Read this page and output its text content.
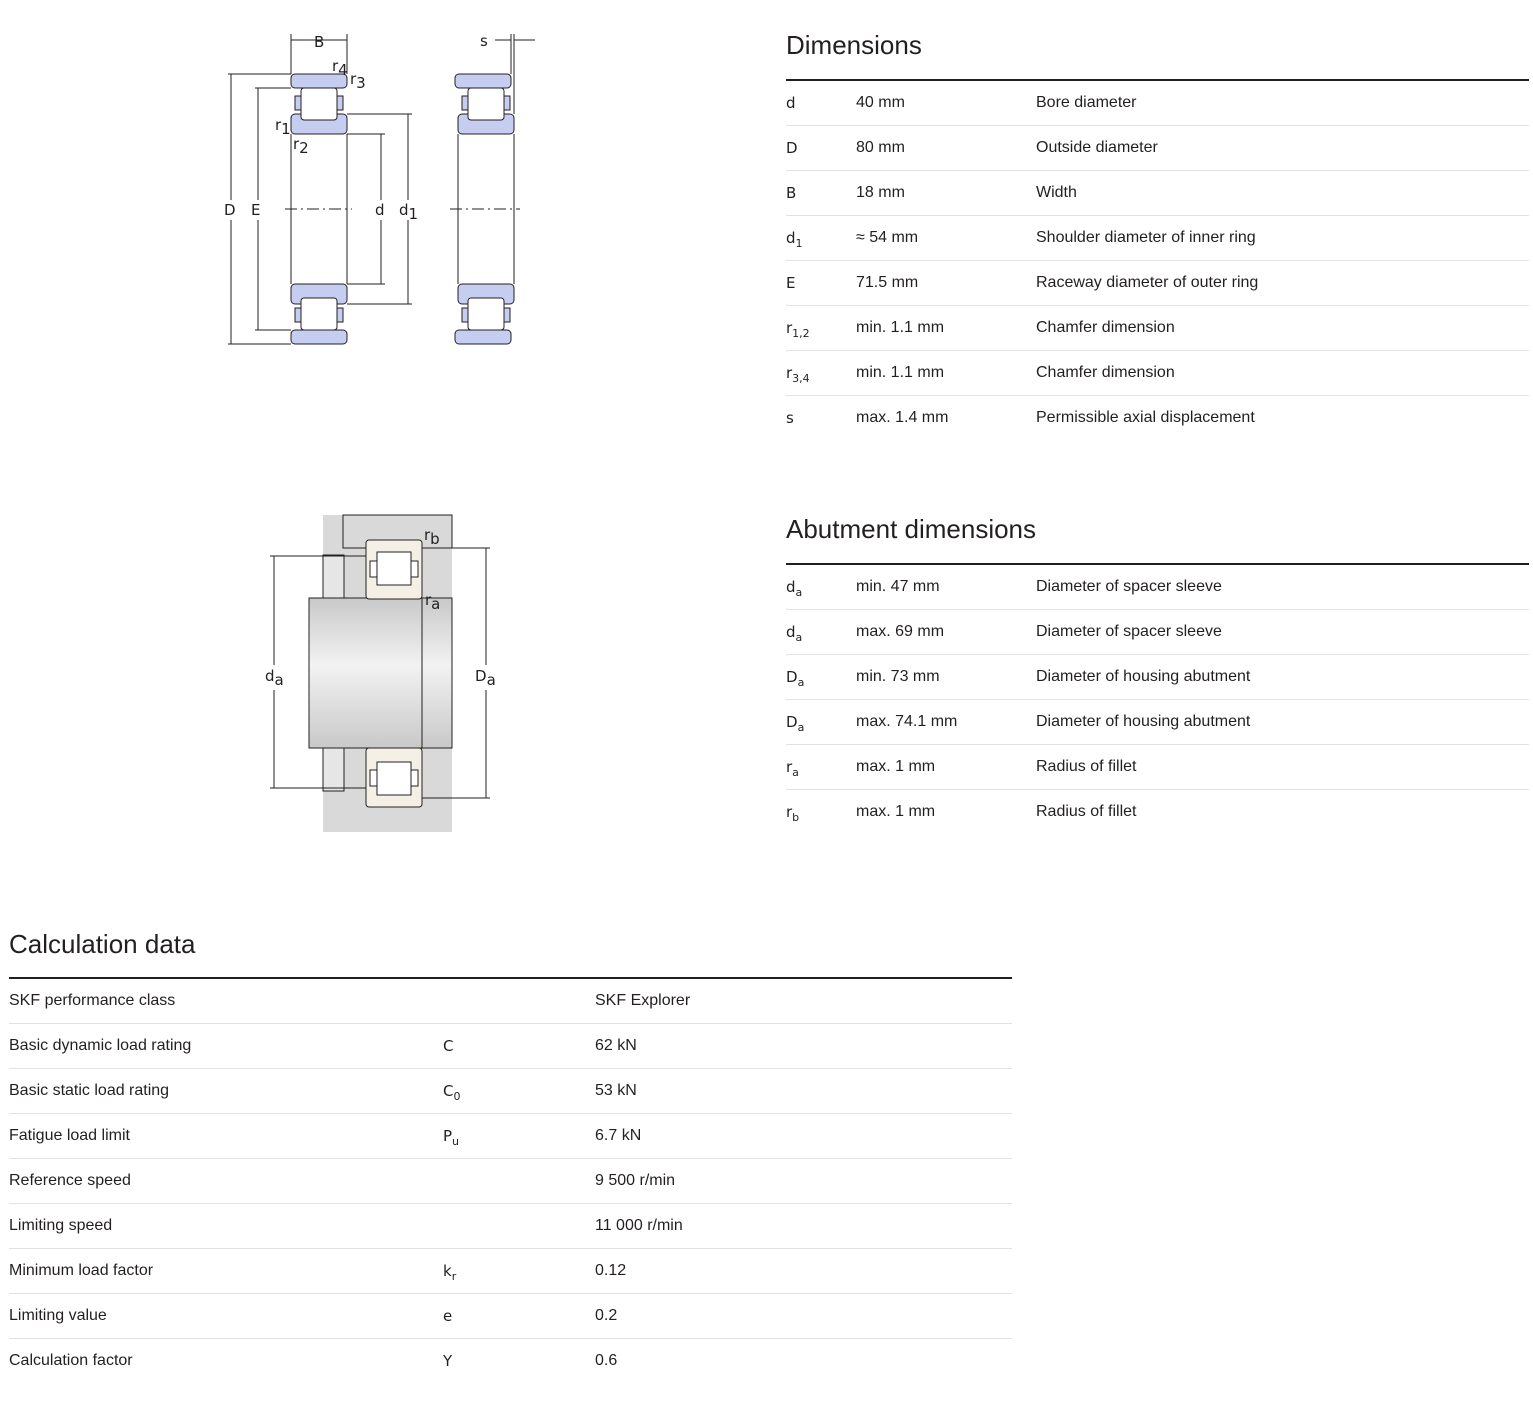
B	s
r4 r3
r1
r2
D E	d d1
rb
ra
da	Da
Dimensions
d	40 mm	Bore diameter
D	80 mm	Outside diameter
B	18 mm	Width
$d_1$	≈ 54 mm	Shoulder diameter of inner ring
E	71.5 mm	Raceway diameter of outer ring
$r_{1,2}$	min. 1.1 mm	Chamfer dimension
$r_{3,4}$	min. 1.1 mm	Chamfer dimension
s	max. 1.4 mm	Permissible axial displacement
Abutment dimensions
$d_a$	min. 47 mm	Diameter of spacer sleeve
$d_a$	max. 69 mm	Diameter of spacer sleeve
$D_a$	min. 73 mm	Diameter of housing abutment
$D_a$	max. 74.1 mm	Diameter of housing abutment
$r_a$	max. 1 mm	Radius of fillet
$r_b$	max. 1 mm	Radius of fillet
Calculation data
SKF performance class		SKF Explorer
Basic dynamic load rating	C	62 kN
Basic static load rating	$C_0$	53 kN
Fatigue load limit	$P_u$	6.7 kN
Reference speed		9 500 r/min
Limiting speed		11 000 r/min
Minimum load factor	$k_r$	0.12
Limiting value	e	0.2
Calculation factor	Y	0.6
